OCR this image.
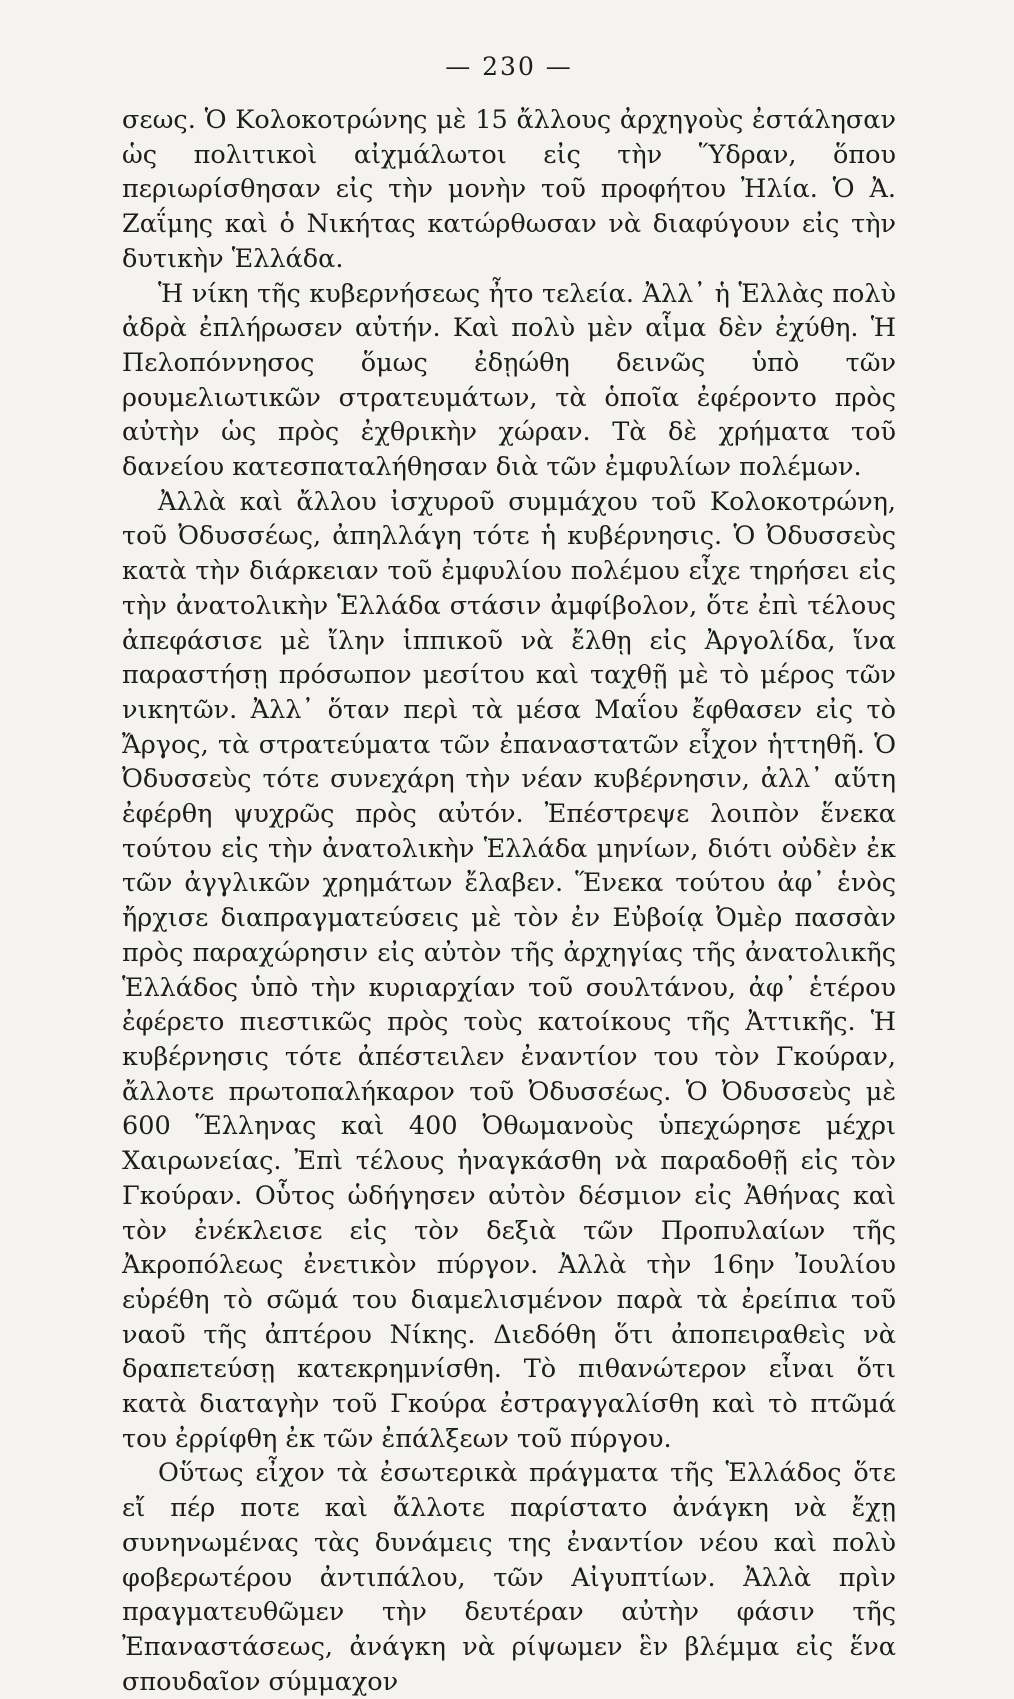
— 230 —

σεως. Ὁ Κολοκοτρώνης μὲ 15 ἄλλους ἀρχηγοὺς ἐστάλησαν ὡς πολιτικοὶ αἰχμάλωτοι εἰς τὴν Ὕδραν, ὅπου περιωρίσθησαν εἰς τὴν μονὴν τοῦ προφήτου Ἠλία. Ὁ Ἀ. Ζαΐμης καὶ ὁ Νικήτας κατώρθωσαν νὰ διαφύγουν εἰς τὴν δυτικὴν Ἑλλάδα.

Ἡ νίκη τῆς κυβερνήσεως ἦτο τελεία. Ἀλλ᾽ ἡ Ἑλλὰς πολὺ ἀδρὰ ἐπλήρωσεν αὐτήν. Καὶ πολὺ μὲν αἷμα δὲν ἐχύθη. Ἡ Πελοπόννησος ὅμως ἐδῃώθη δεινῶς ὑπὸ τῶν ρουμελιωτικῶν στρατευμάτων, τὰ ὁποῖα ἐφέροντο πρὸς αὐτὴν ὡς πρὸς ἐχθρικὴν χώραν. Τὰ δὲ χρήματα τοῦ δανείου κατεσπαταλήθησαν διὰ τῶν ἐμφυλίων πολέμων.

Ἀλλὰ καὶ ἄλλου ἰσχυροῦ συμμάχου τοῦ Κολοκοτρώνη, τοῦ Ὀδυσσέως, ἀπηλλάγη τότε ἡ κυβέρνησις. Ὁ Ὀδυσσεὺς κατὰ τὴν διάρκειαν τοῦ ἐμφυλίου πολέμου εἶχε τηρήσει εἰς τὴν ἀνατολικὴν Ἑλλάδα στάσιν ἀμφίβολον, ὅτε ἐπὶ τέλους ἀπεφάσισε μὲ ἴλην ἱππικοῦ νὰ ἔλθῃ εἰς Ἀργολίδα, ἵνα παραστήσῃ πρόσωπον μεσίτου καὶ ταχθῇ μὲ τὸ μέρος τῶν νικητῶν. Ἀλλ᾽ ὅταν περὶ τὰ μέσα Μαΐου ἔφθασεν εἰς τὸ Ἄργος, τὰ στρατεύματα τῶν ἐπαναστατῶν εἶχον ἡττηθῆ. Ὁ Ὀδυσσεὺς τότε συνεχάρη τὴν νέαν κυβέρνησιν, ἀλλ᾽ αὕτη ἐφέρθη ψυχρῶς πρὸς αὐτόν. Ἐπέστρεψε λοιπὸν ἕνεκα τούτου εἰς τὴν ἀνατολικὴν Ἑλλάδα μηνίων, διότι οὐδὲν ἐκ τῶν ἀγγλικῶν χρημάτων ἔλαβεν. Ἕνεκα τούτου ἀφ᾽ ἑνὸς ἤρχισε διαπραγματεύσεις μὲ τὸν ἐν Εὐβοίᾳ Ὀμὲρ πασσὰν πρὸς παραχώρησιν εἰς αὐτὸν τῆς ἀρχηγίας τῆς ἀνατολικῆς Ἑλλάδος ὑπὸ τὴν κυριαρχίαν τοῦ σουλτάνου, ἀφ᾽ ἑτέρου ἐφέρετο πιεστικῶς πρὸς τοὺς κατοίκους τῆς Ἀττικῆς. Ἡ κυβέρνησις τότε ἀπέστειλεν ἐναντίον του τὸν Γκούραν, ἄλλοτε πρωτοπαλήκαρον τοῦ Ὀδυσσέως. Ὁ Ὀδυσσεὺς μὲ 600 Ἕλληνας καὶ 400 Ὀθωμανοὺς ὑπεχώρησε μέχρι Χαιρωνείας. Ἐπὶ τέλους ἠναγκάσθη νὰ παραδοθῇ εἰς τὸν Γκούραν. Οὗτος ὡδήγησεν αὐτὸν δέσμιον εἰς Ἀθήνας καὶ τὸν ἐνέκλεισε εἰς τὸν δεξιὰ τῶν Προπυλαίων τῆς Ἀκροπόλεως ἐνετικὸν πύργον. Ἀλλὰ τὴν 16ην Ἰουλίου εὑρέθη τὸ σῶμά του διαμελισμένον παρὰ τὰ ἐρείπια τοῦ ναοῦ τῆς ἀπτέρου Νίκης. Διεδόθη ὅτι ἀποπειραθεὶς νὰ δραπετεύσῃ κατεκρημνίσθη. Τὸ πιθανώτερον εἶναι ὅτι κατὰ διαταγὴν τοῦ Γκούρα ἐστραγγαλίσθη καὶ τὸ πτῶμά του ἐρρίφθη ἐκ τῶν ἐπάλξεων τοῦ πύργου.

Οὕτως εἶχον τὰ ἐσωτερικὰ πράγματα τῆς Ἑλλάδος ὅτε εἴ πέρ ποτε καὶ ἄλλοτε παρίστατο ἀνάγκη νὰ ἔχῃ συνηνωμένας τὰς δυνάμεις της ἐναντίον νέου καὶ πολὺ φοβερωτέρου ἀντιπάλου, τῶν Αἰγυπτίων. Ἀλλὰ πρὶν πραγματευθῶμεν τὴν δευτέραν αὐτὴν φάσιν τῆς Ἐπαναστάσεως, ἀνάγκη νὰ ρίψωμεν ἓν βλέμμα εἰς ἕνα σπουδαῖον σύμμαχον
